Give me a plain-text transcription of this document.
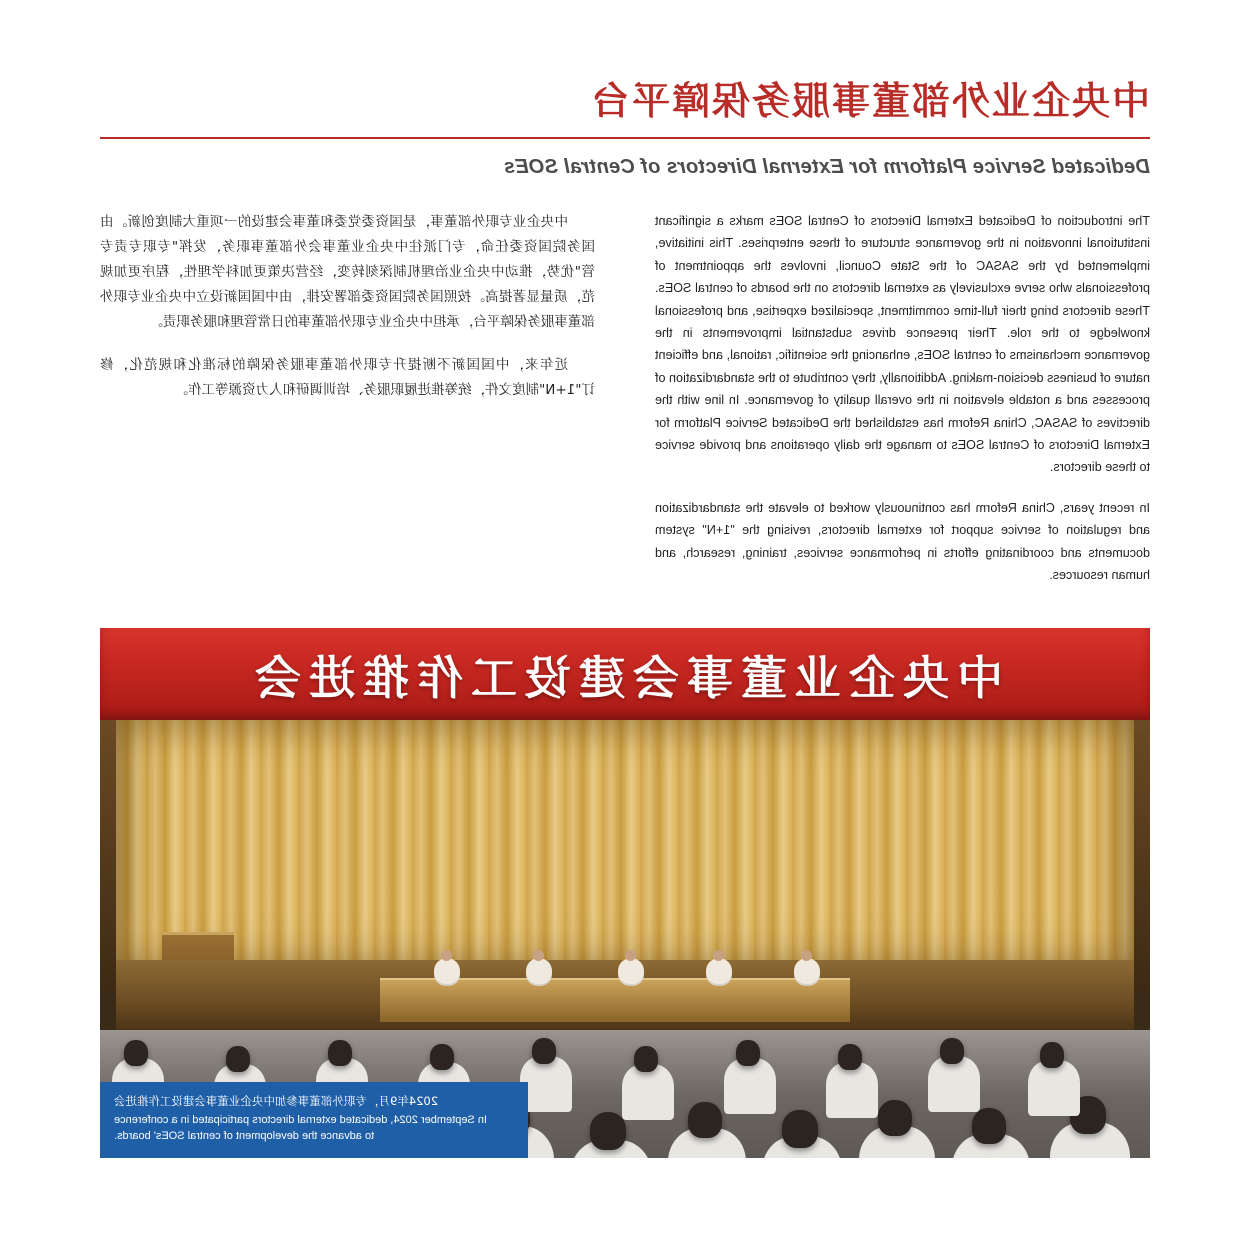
中央企业外部董事服务保障平台
Dedicated Service Platform for External Directors of Central SOEs

The introduction of Dedicated External Directors of Central SOEs marks a significant institutional innovation in the governance structure of these enterprises. This initiative, implemented by the SASAC of the State Council, involves the appointment of professionals who serve exclusively as external directors on the boards of central SOEs. These directors bring their full-time commitment, specialized expertise, and professional knowledge to the role. Their presence drives substantial improvements in the governance mechanisms of central SOEs, enhancing the scientific, rational, and efficient nature of business decision-making. Additionally, they contribute to the standardization of processes and a notable elevation in the overall quality of governance. In line with the directives of SASAC, China Reform has established the Dedicated Service Platform for External Directors of Central SOEs to manage the daily operations and provide service to these directors.

In recent years, China Reform has continuously worked to elevate the standardization and regulation of service support for external directors, revising the "1+N" system documents and coordinating efforts in performance services, training, research, and human resources.

中央企业专职外部董事，是国资委党委和董事会建设的一项重大制度创新。由国务院国资委任命，专门派往中央企业董事会外部董事职务，发挥"专职专责专管"优势，推动中央企业治理机制深刻转变，经营决策更加科学理性，程序更加规范，质量显著提高。按照国务院国资委部署安排，由中国国新设立中央企业专职外部董事服务保障平台，承担中央企业专职外部董事的日常管理和服务职责。

近年来，中国国新不断提升专职外部董事服务保障的标准化和规范化，修订"1+N"制度文件，统筹推进履职服务、培训调研和人力资源等工作。

中央企业董事会建设工作推进会

2024年9月，专职外部董事参加中央企业董事会建设工作推进会

In September 2024, dedicated external directors participated in a conference

to advance the development of central SOEs' boards.
